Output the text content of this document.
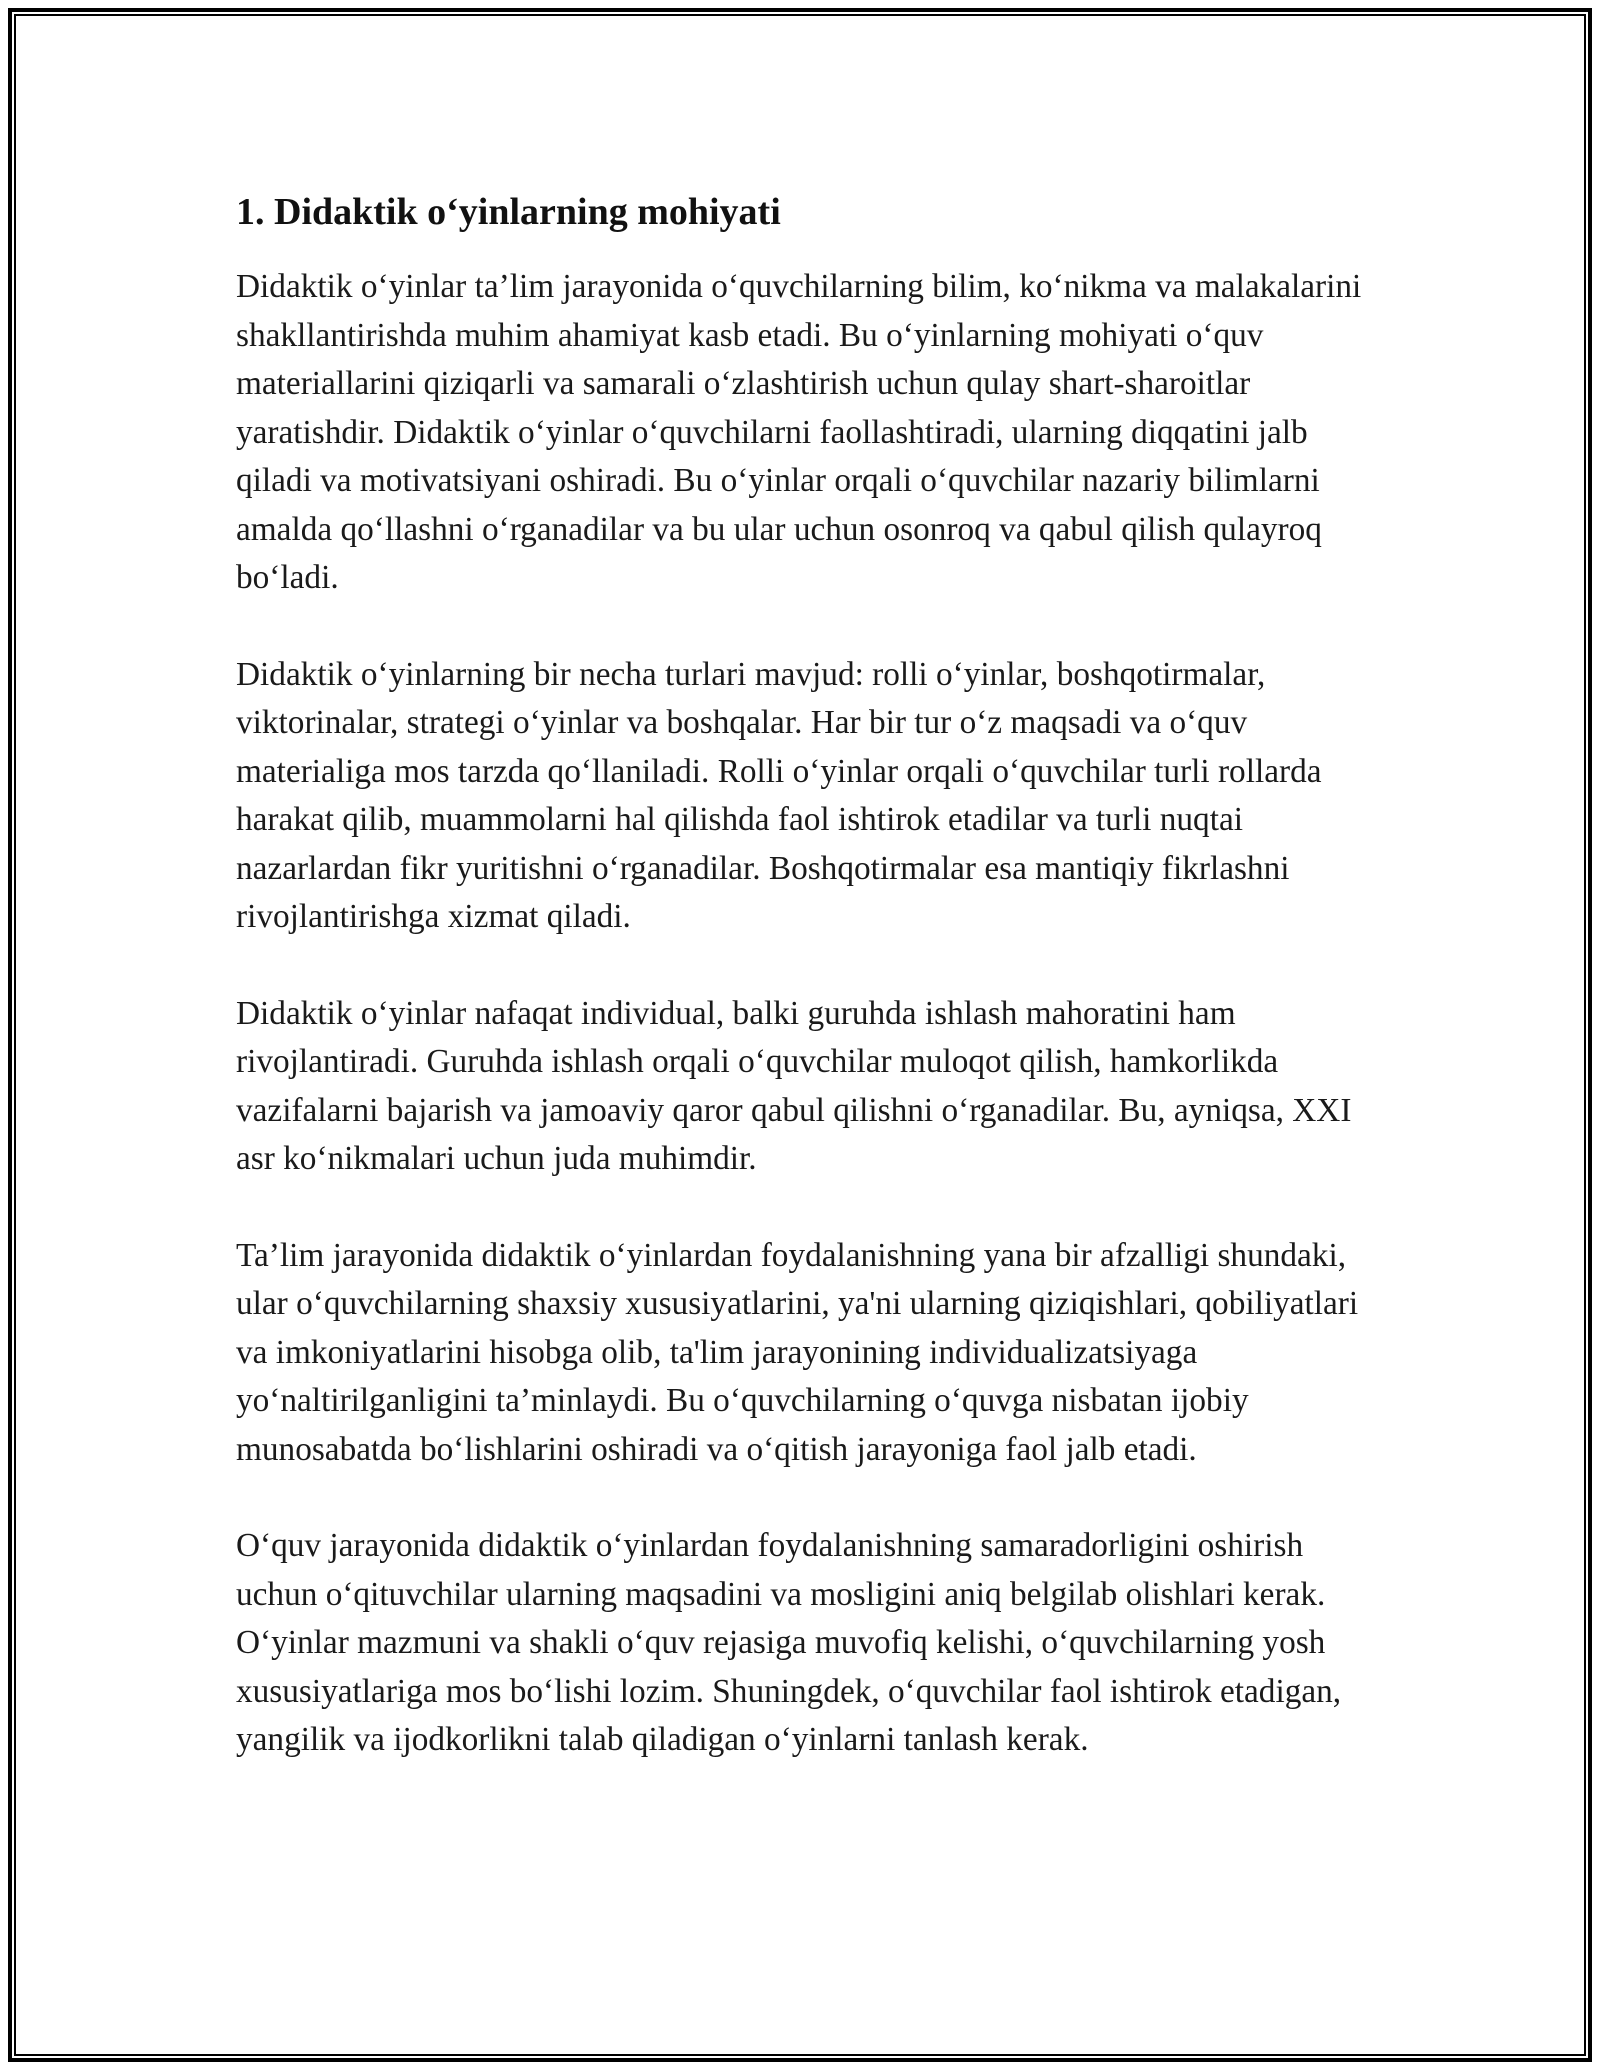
1. Didaktik o‘yinlarning mohiyati

Didaktik o‘yinlar ta’lim jarayonida o‘quvchilarning bilim, ko‘nikma va malakalarini shakllantirishda muhim ahamiyat kasb etadi. Bu o‘yinlarning mohiyati o‘quv materiallarini qiziqarli va samarali o‘zlashtirish uchun qulay shart-sharoitlar yaratishdir. Didaktik o‘yinlar o‘quvchilarni faollashtiradi, ularning diqqatini jalb qiladi va motivatsiyani oshiradi. Bu o‘yinlar orqali o‘quvchilar nazariy bilimlarni amalda qo‘llashni o‘rganadilar va bu ular uchun osonroq va qabul qilish qulayroq bo‘ladi.

Didaktik o‘yinlarning bir necha turlari mavjud: rolli o‘yinlar, boshqotirmalar, viktorinalar, strategi o‘yinlar va boshqalar. Har bir tur o‘z maqsadi va o‘quv materialiga mos tarzda qo‘llaniladi. Rolli o‘yinlar orqali o‘quvchilar turli rollarda harakat qilib, muammolarni hal qilishda faol ishtirok etadilar va turli nuqtai nazarlardan fikr yuritishni o‘rganadilar. Boshqotirmalar esa mantiqiy fikrlashni rivojlantirishga xizmat qiladi.

Didaktik o‘yinlar nafaqat individual, balki guruhda ishlash mahoratini ham rivojlantiradi. Guruhda ishlash orqali o‘quvchilar muloqot qilish, hamkorlikda vazifalarni bajarish va jamoaviy qaror qabul qilishni o‘rganadilar. Bu, ayniqsa, XXI asr ko‘nikmalari uchun juda muhimdir.

Ta’lim jarayonida didaktik o‘yinlardan foydalanishning yana bir afzalligi shundaki, ular o‘quvchilarning shaxsiy xususiyatlarini, ya'ni ularning qiziqishlari, qobiliyatlari va imkoniyatlarini hisobga olib, ta'lim jarayonining individualizatsiyaga yo‘naltirilganligini ta’minlaydi. Bu o‘quvchilarning o‘quvga nisbatan ijobiy munosabatda bo‘lishlarini oshiradi va o‘qitish jarayoniga faol jalb etadi.

O‘quv jarayonida didaktik o‘yinlardan foydalanishning samaradorligini oshirish uchun o‘qituvchilar ularning maqsadini va mosligini aniq belgilab olishlari kerak. O‘yinlar mazmuni va shakli o‘quv rejasiga muvofiq kelishi, o‘quvchilarning yosh xususiyatlariga mos bo‘lishi lozim. Shuningdek, o‘quvchilar faol ishtirok etadigan, yangilik va ijodkorlikni talab qiladigan o‘yinlarni tanlash kerak.
